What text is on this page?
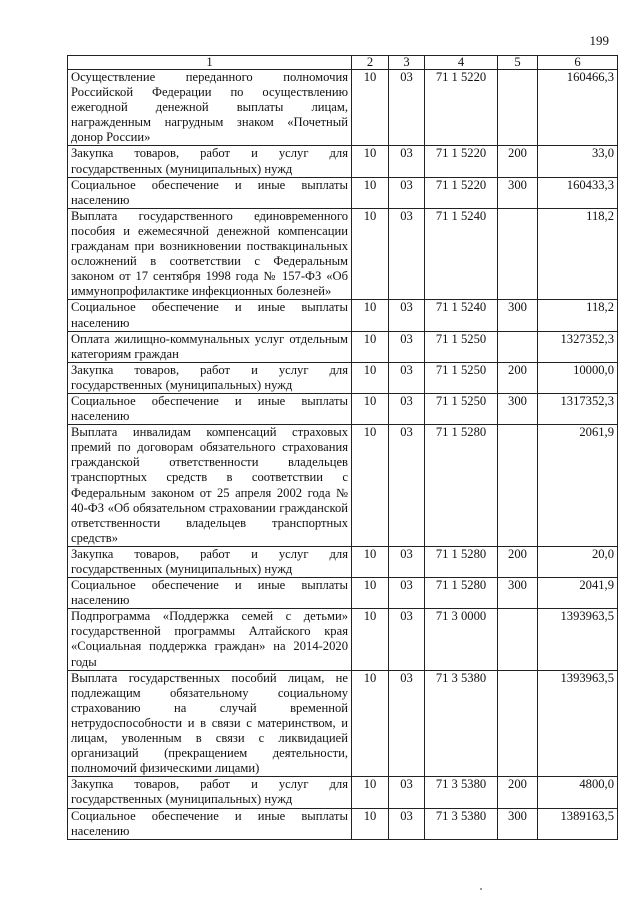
199
1	2	3	4	5	6
Осуществление переданного полномочия Российской Федерации по осуществлению ежегодной денежной выплаты лицам, награжденным нагрудным знаком «Почетный донор России»	10	03	71 1 5220		160466,3
Закупка товаров, работ и услуг для государственных (муниципальных) нужд	10	03	71 1 5220	200	33,0
Социальное обеспечение и иные выплаты населению	10	03	71 1 5220	300	160433,3
Выплата государственного единовременного пособия и ежемесячной денежной компенсации гражданам при возникновении поствакцинальных осложнений в соответствии с Федеральным законом от 17 сентября 1998 года № 157-ФЗ «Об иммунопрофилактике инфекционных болезней»	10	03	71 1 5240		118,2
Социальное обеспечение и иные выплаты населению	10	03	71 1 5240	300	118,2
Оплата жилищно-коммунальных услуг отдельным категориям граждан	10	03	71 1 5250		1327352,3
Закупка товаров, работ и услуг для государственных (муниципальных) нужд	10	03	71 1 5250	200	10000,0
Социальное обеспечение и иные выплаты населению	10	03	71 1 5250	300	1317352,3
Выплата инвалидам компенсаций страховых премий по договорам обязательного страхования гражданской ответственности владельцев транспортных средств в соответствии с Федеральным законом от 25 апреля 2002 года № 40-ФЗ «Об обязательном страховании гражданской ответственности владельцев транспортных средств»	10	03	71 1 5280		2061,9
Закупка товаров, работ и услуг для государственных (муниципальных) нужд	10	03	71 1 5280	200	20,0
Социальное обеспечение и иные выплаты населению	10	03	71 1 5280	300	2041,9
Подпрограмма «Поддержка семей с детьми» государственной программы Алтайского края «Социальная поддержка граждан» на 2014-2020 годы	10	03	71 3 0000		1393963,5
Выплата государственных пособий лицам, не подлежащим обязательному социальному страхованию на случай временной нетрудоспособности и в связи с материнством, и лицам, уволенным в связи с ликвидацией организаций (прекращением деятельности, полномочий физическими лицами)	10	03	71 3 5380		1393963,5
Закупка товаров, работ и услуг для государственных (муниципальных) нужд	10	03	71 3 5380	200	4800,0
Социальное обеспечение и иные выплаты населению	10	03	71 3 5380	300	1389163,5
